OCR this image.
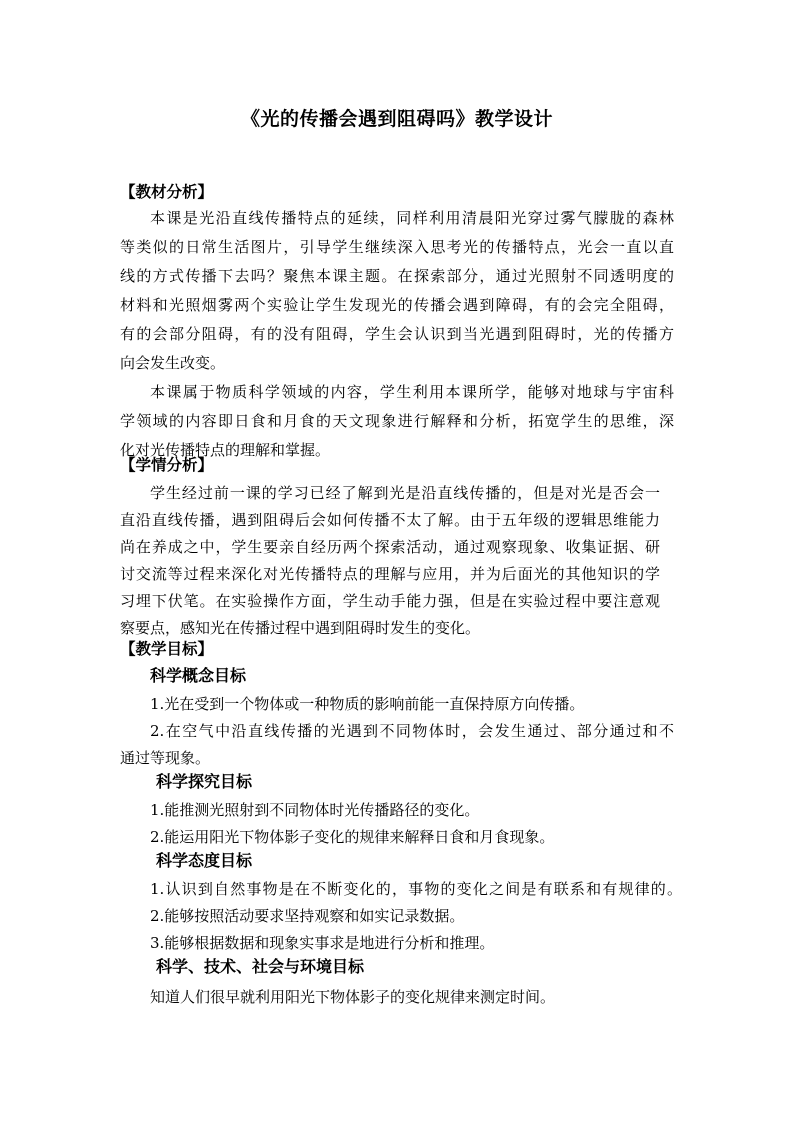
《光的传播会遇到阻碍吗》教学设计
【教材分析】
本课是光沿直线传播特点的延续，同样利用清晨阳光穿过雾气朦胧的森林
等类似的日常生活图片，引导学生继续深入思考光的传播特点，光会一直以直
线的方式传播下去吗？聚焦本课主题。在探索部分，通过光照射不同透明度的
材料和光照烟雾两个实验让学生发现光的传播会遇到障碍，有的会完全阻碍，
有的会部分阻碍，有的没有阻碍，学生会认识到当光遇到阻碍时，光的传播方
向会发生改变。
本课属于物质科学领域的内容，学生利用本课所学，能够对地球与宇宙科
学领域的内容即日食和月食的天文现象进行解释和分析，拓宽学生的思维，深
化对光传播特点的理解和掌握。
【学情分析】
学生经过前一课的学习已经了解到光是沿直线传播的，但是对光是否会一
直沿直线传播，遇到阻碍后会如何传播不太了解。由于五年级的逻辑思维能力
尚在养成之中，学生要亲自经历两个探索活动，通过观察现象、收集证据、研
讨交流等过程来深化对光传播特点的理解与应用，并为后面光的其他知识的学
习埋下伏笔。在实验操作方面，学生动手能力强，但是在实验过程中要注意观
察要点，感知光在传播过程中遇到阻碍时发生的变化。
【教学目标】
科学概念目标
1.光在受到一个物体或一种物质的影响前能一直保持原方向传播。
2.在空气中沿直线传播的光遇到不同物体时，会发生通过、部分通过和不
通过等现象。
科学探究目标
1.能推测光照射到不同物体时光传播路径的变化。
2.能运用阳光下物体影子变化的规律来解释日食和月食现象。
科学态度目标
1.认识到自然事物是在不断变化的，事物的变化之间是有联系和有规律的。
2.能够按照活动要求坚持观察和如实记录数据。
3.能够根据数据和现象实事求是地进行分析和推理。
科学、技术、社会与环境目标
知道人们很早就利用阳光下物体影子的变化规律来测定时间。
